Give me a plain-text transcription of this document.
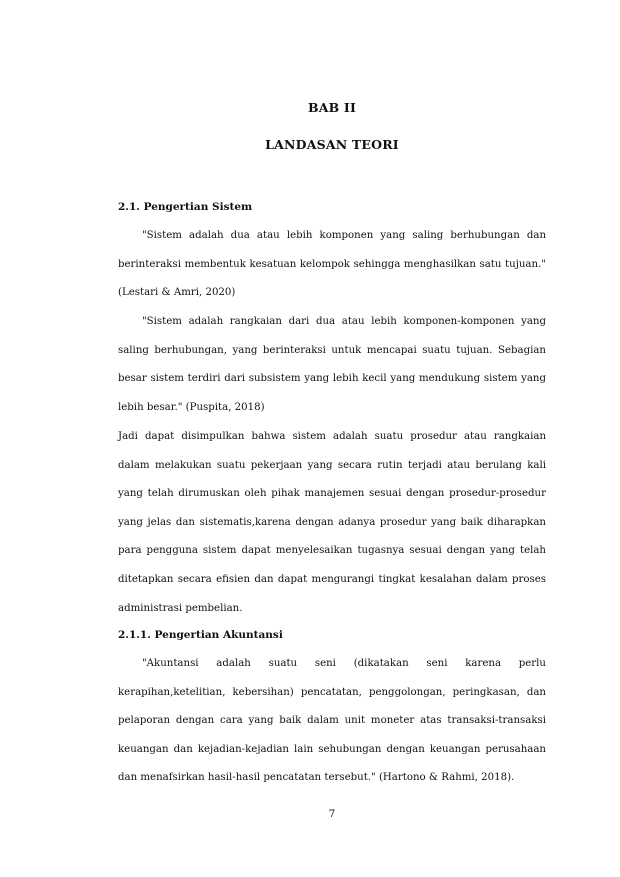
BAB II
LANDASAN TEORI
2.1. Pengertian Sistem

"Sistem adalah dua atau lebih komponen yang saling berhubungan dan berinteraksi membentuk kesatuan kelompok sehingga menghasilkan satu tujuan." (Lestari & Amri, 2020)

"Sistem adalah rangkaian dari dua atau lebih komponen-komponen yang saling berhubungan, yang berinteraksi untuk mencapai suatu tujuan. Sebagian besar sistem terdiri dari subsistem yang lebih kecil yang mendukung sistem yang lebih besar." (Puspita, 2018)

Jadi dapat disimpulkan bahwa sistem adalah suatu prosedur atau rangkaian dalam melakukan suatu pekerjaan yang secara rutin terjadi atau berulang kali yang telah dirumuskan oleh pihak manajemen sesuai dengan prosedur-prosedur yang jelas dan sistematis,karena dengan adanya prosedur yang baik diharapkan para pengguna sistem dapat menyelesaikan tugasnya sesuai dengan yang telah ditetapkan secara efisien dan dapat mengurangi tingkat kesalahan dalam proses administrasi pembelian.

2.1.1. Pengertian Akuntansi

"Akuntansi adalah suatu seni (dikatakan seni karena perlu kerapihan,ketelitian, kebersihan) pencatatan, penggolongan, peringkasan, dan pelaporan dengan cara yang baik dalam unit moneter atas transaksi-transaksi keuangan dan kejadian-kejadian lain sehubungan dengan keuangan perusahaan dan menafsirkan hasil-hasil pencatatan tersebut." (Hartono & Rahmi, 2018).

7
